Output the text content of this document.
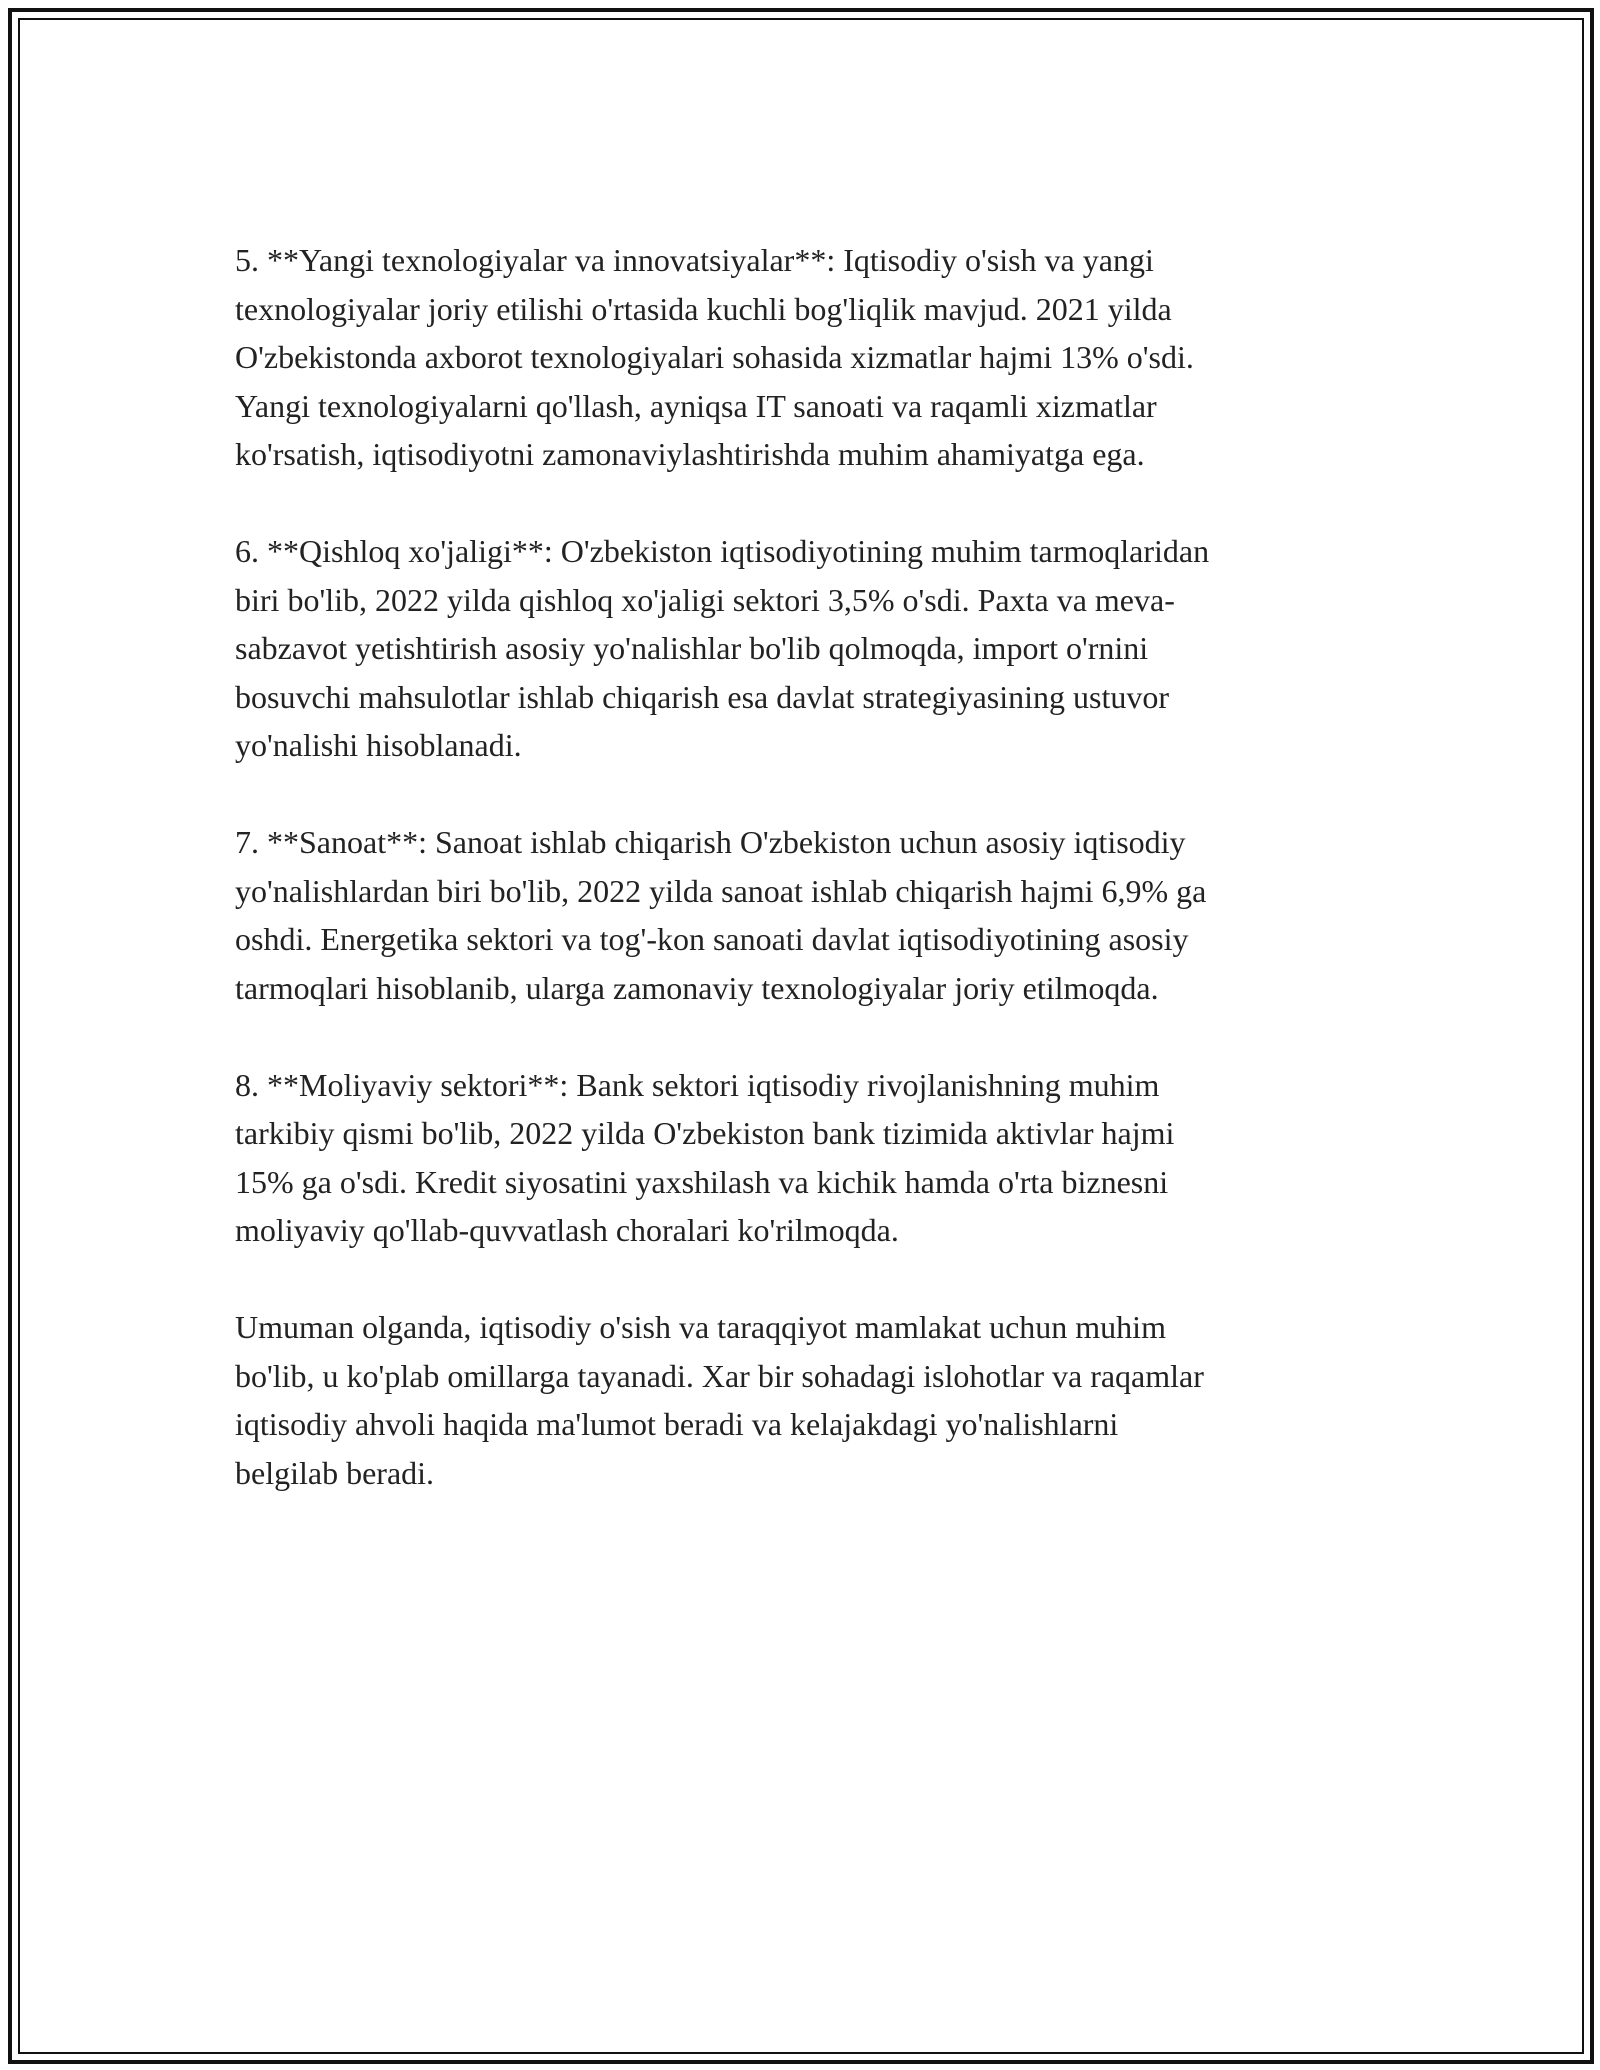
5. **Yangi texnologiyalar va innovatsiyalar**: Iqtisodiy o'sish va yangi
texnologiyalar joriy etilishi o'rtasida kuchli bog'liqlik mavjud. 2021 yilda
O'zbekistonda axborot texnologiyalari sohasida xizmatlar hajmi 13% o'sdi.
Yangi texnologiyalarni qo'llash, ayniqsa IT sanoati va raqamli xizmatlar
ko'rsatish, iqtisodiyotni zamonaviylashtirishda muhim ahamiyatga ega.

6. **Qishloq xo'jaligi**: O'zbekiston iqtisodiyotining muhim tarmoqlaridan
biri bo'lib, 2022 yilda qishloq xo'jaligi sektori 3,5% o'sdi. Paxta va meva-
sabzavot yetishtirish asosiy yo'nalishlar bo'lib qolmoqda, import o'rnini
bosuvchi mahsulotlar ishlab chiqarish esa davlat strategiyasining ustuvor
yo'nalishi hisoblanadi.

7. **Sanoat**: Sanoat ishlab chiqarish O'zbekiston uchun asosiy iqtisodiy
yo'nalishlardan biri bo'lib, 2022 yilda sanoat ishlab chiqarish hajmi 6,9% ga
oshdi. Energetika sektori va tog'-kon sanoati davlat iqtisodiyotining asosiy
tarmoqlari hisoblanib, ularga zamonaviy texnologiyalar joriy etilmoqda.

8. **Moliyaviy sektori**: Bank sektori iqtisodiy rivojlanishning muhim
tarkibiy qismi bo'lib, 2022 yilda O'zbekiston bank tizimida aktivlar hajmi
15% ga o'sdi. Kredit siyosatini yaxshilash va kichik hamda o'rta biznesni
moliyaviy qo'llab-quvvatlash choralari ko'rilmoqda.

Umuman olganda, iqtisodiy o'sish va taraqqiyot mamlakat uchun muhim
bo'lib, u ko'plab omillarga tayanadi. Xar bir sohadagi islohotlar va raqamlar
iqtisodiy ahvoli haqida ma'lumot beradi va kelajakdagi yo'nalishlarni
belgilab beradi.
